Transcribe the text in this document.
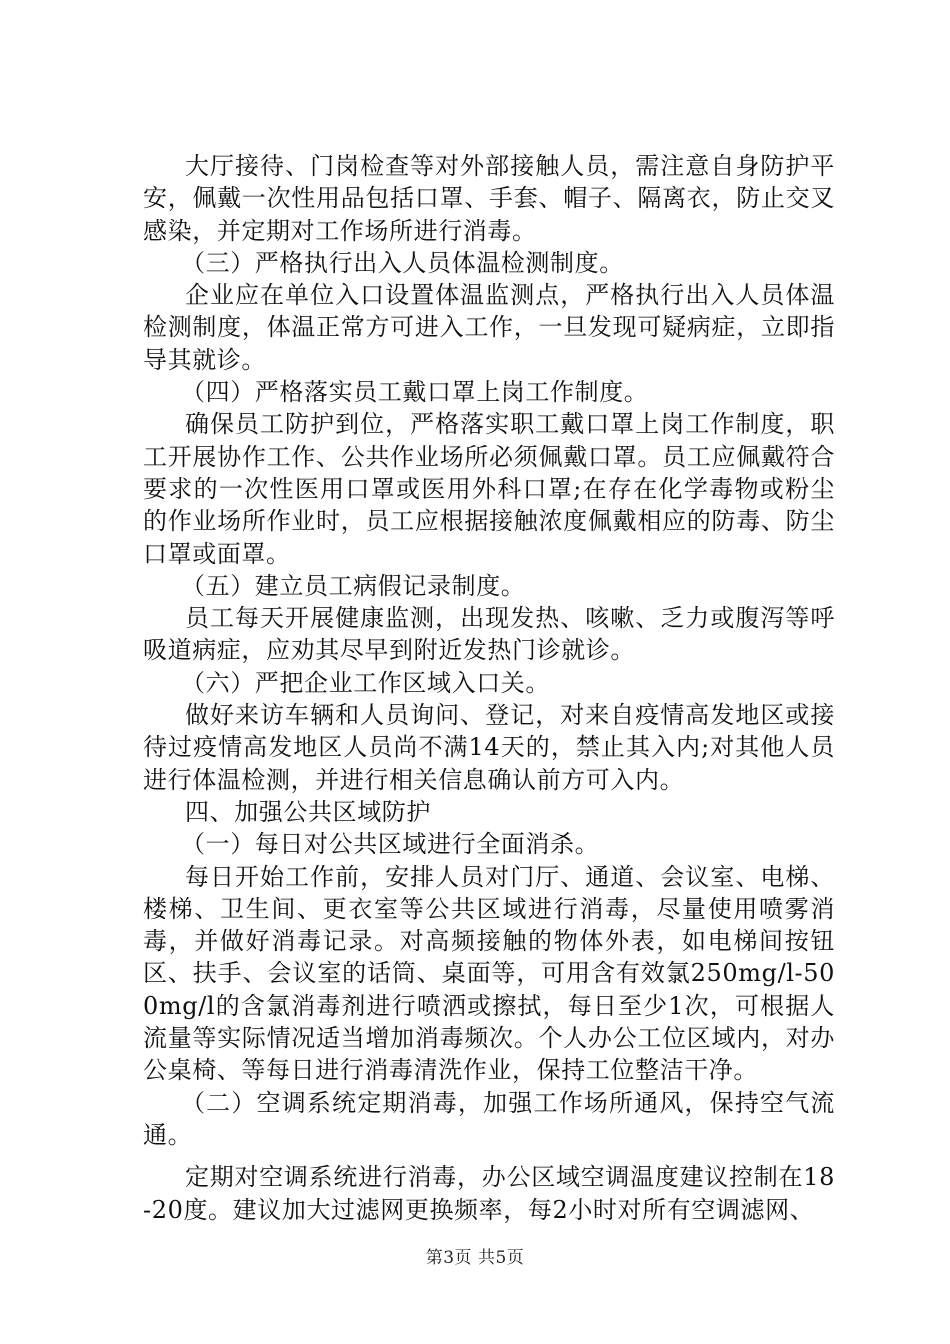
大厅接待、门岗检查等对外部接触人员，需注意自身防护平安，佩戴一次性用品包括口罩、手套、帽子、隔离衣，防止交叉感染，并定期对工作场所进行消毒。

（三）严格执行出入人员体温检测制度。

企业应在单位入口设置体温监测点，严格执行出入人员体温检测制度，体温正常方可进入工作，一旦发现可疑病症，立即指导其就诊。

（四）严格落实员工戴口罩上岗工作制度。

确保员工防护到位，严格落实职工戴口罩上岗工作制度，职工开展协作工作、公共作业场所必须佩戴口罩。员工应佩戴符合要求的一次性医用口罩或医用外科口罩;在存在化学毒物或粉尘的作业场所作业时，员工应根据接触浓度佩戴相应的防毒、防尘口罩或面罩。

（五）建立员工病假记录制度。

员工每天开展健康监测，出现发热、咳嗽、乏力或腹泻等呼吸道病症，应劝其尽早到附近发热门诊就诊。

（六）严把企业工作区域入口关。

做好来访车辆和人员询问、登记，对来自疫情高发地区或接待过疫情高发地区人员尚不满14天的，禁止其入内;对其他人员进行体温检测，并进行相关信息确认前方可入内。

四、加强公共区域防护

（一）每日对公共区域进行全面消杀。

每日开始工作前，安排人员对门厅、通道、会议室、电梯、楼梯、卫生间、更衣室等公共区域进行消毒，尽量使用喷雾消毒，并做好消毒记录。对高频接触的物体外表，如电梯间按钮区、扶手、会议室的话筒、桌面等，可用含有效氯250mg/l-500mg/l的含氯消毒剂进行喷洒或擦拭，每日至少1次，可根据人流量等实际情况适当增加消毒频次。个人办公工位区域内，对办公桌椅、等每日进行消毒清洗作业，保持工位整洁干净。

（二）空调系统定期消毒，加强工作场所通风，保持空气流通。

定期对空调系统进行消毒，办公区域空调温度建议控制在18-20度。建议加大过滤网更换频率，每2小时对所有空调滤网、

第3页 共5页
